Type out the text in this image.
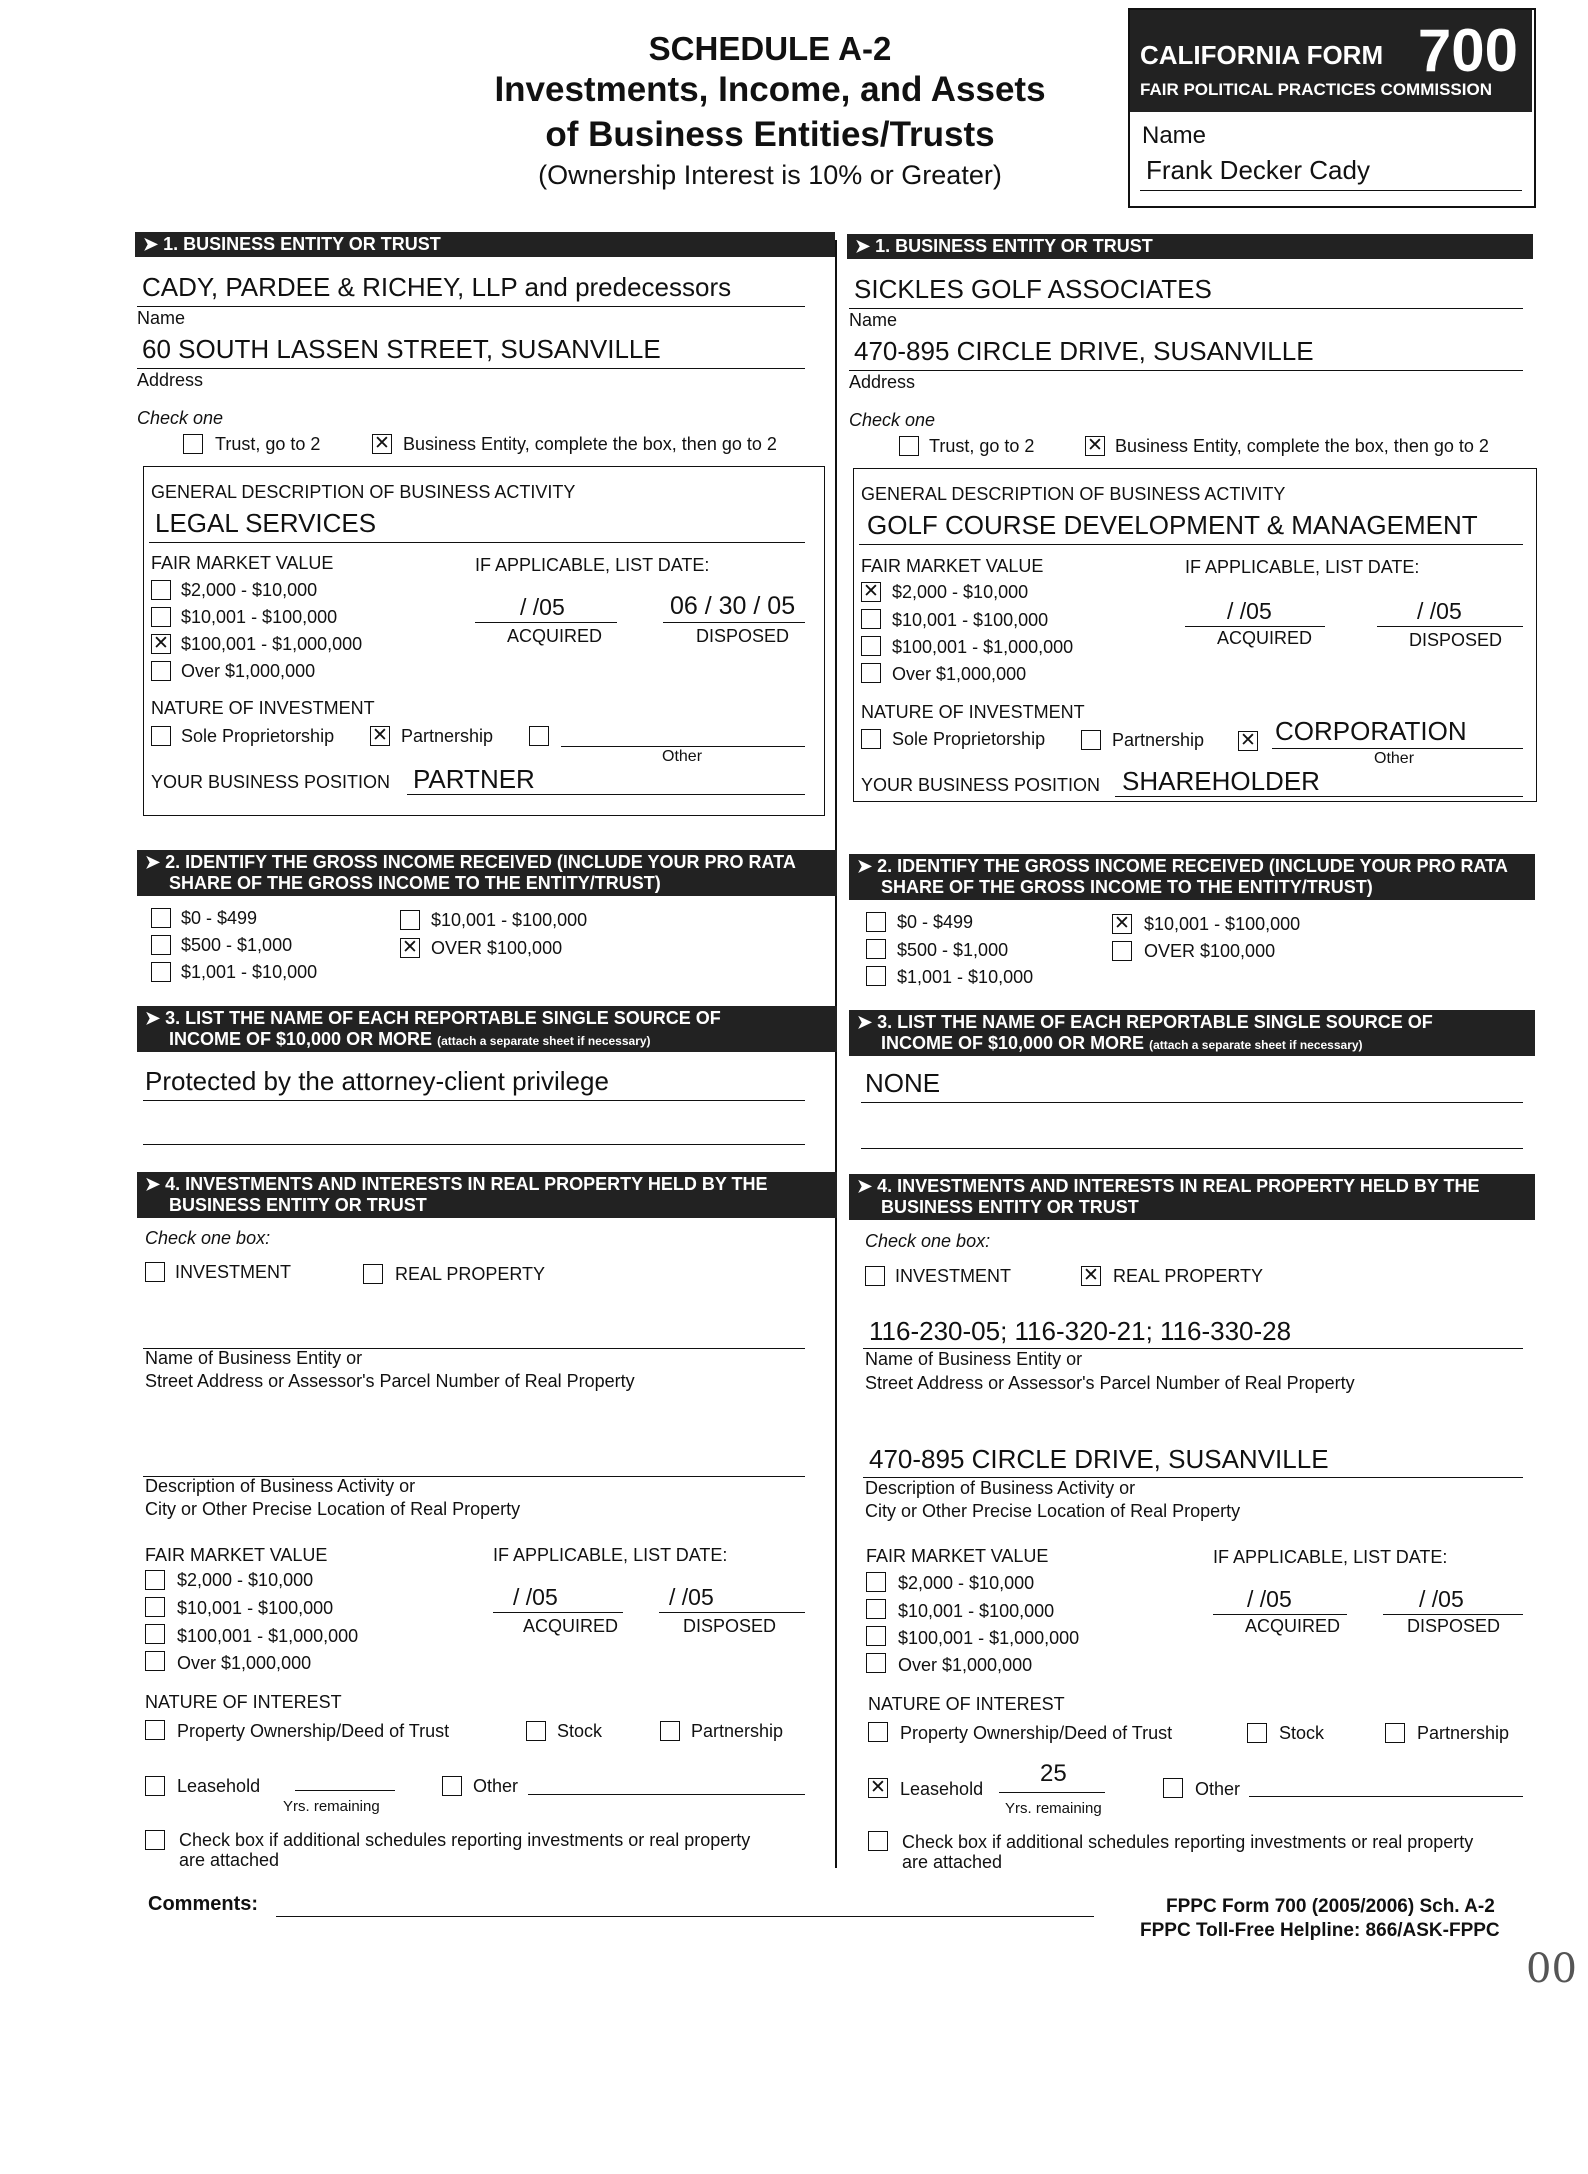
SCHEDULE A-2
Investments, Income, and Assets
of Business Entities/Trusts
(Ownership Interest is 10% or Greater)
CALIFORNIA FORM 700
FAIR POLITICAL PRACTICES COMMISSION
Name
Frank Decker Cady
➤ 1. BUSINESS ENTITY OR TRUST
CADY, PARDEE & RICHEY, LLP and predecessors
Name
60 SOUTH LASSEN STREET, SUSANVILLE
Address
Check one
Trust, go to 2	✕ Business Entity, complete the box, then go to 2
GENERAL DESCRIPTION OF BUSINESS ACTIVITY
LEGAL SERVICES
FAIR MARKET VALUE	IF APPLICABLE, LIST DATE:
$2,000 - $10,000
$10,001 - $100,000
✕ $100,001 - $1,000,000
Over $1,000,000
/ /05
ACQUIRED
06 / 30 / 05
DISPOSED
NATURE OF INVESTMENT
Sole Proprietorship ✕ Partnership
Other
YOUR BUSINESS POSITION PARTNER
➤ 2. IDENTIFY THE GROSS INCOME RECEIVED (INCLUDE YOUR PRO RATA
SHARE OF THE GROSS INCOME TO THE ENTITY/TRUST)
$0 - $499
$500 - $1,000
$1,001 - $10,000
$10,001 - $100,000
✕ OVER $100,000
➤ 3. LIST THE NAME OF EACH REPORTABLE SINGLE SOURCE OF
INCOME OF $10,000 OR MORE (attach a separate sheet if necessary)
Protected by the attorney-client privilege
➤ 4. INVESTMENTS AND INTERESTS IN REAL PROPERTY HELD BY THE
BUSINESS ENTITY OR TRUST
Check one box:
INVESTMENT	REAL PROPERTY
Name of Business Entity or
Street Address or Assessor's Parcel Number of Real Property
Description of Business Activity or
City or Other Precise Location of Real Property
FAIR MARKET VALUE	IF APPLICABLE, LIST DATE:
$2,000 - $10,000
$10,001 - $100,000
$100,001 - $1,000,000
Over $1,000,000
/ /05
ACQUIRED
/ /05
DISPOSED
NATURE OF INTEREST
Property Ownership/Deed of Trust	Stock	Partnership
Leasehold
Yrs. remaining
Other
Check box if additional schedules reporting investments or real property
are attached
➤ 1. BUSINESS ENTITY OR TRUST
SICKLES GOLF ASSOCIATES
Name
470-895 CIRCLE DRIVE, SUSANVILLE
Address
Check one
Trust, go to 2	✕ Business Entity, complete the box, then go to 2
GENERAL DESCRIPTION OF BUSINESS ACTIVITY
GOLF COURSE DEVELOPMENT & MANAGEMENT
FAIR MARKET VALUE	IF APPLICABLE, LIST DATE:
✕ $2,000 - $10,000
$10,001 - $100,000
$100,001 - $1,000,000
Over $1,000,000
/ /05
ACQUIRED
/ /05
DISPOSED
NATURE OF INVESTMENT
Sole Proprietorship	Partnership ✕ CORPORATION
Other
YOUR BUSINESS POSITION SHAREHOLDER
➤ 2. IDENTIFY THE GROSS INCOME RECEIVED (INCLUDE YOUR PRO RATA
SHARE OF THE GROSS INCOME TO THE ENTITY/TRUST)
$0 - $499
$500 - $1,000
$1,001 - $10,000
✕ $10,001 - $100,000
OVER $100,000
➤ 3. LIST THE NAME OF EACH REPORTABLE SINGLE SOURCE OF
INCOME OF $10,000 OR MORE (attach a separate sheet if necessary)
NONE
➤ 4. INVESTMENTS AND INTERESTS IN REAL PROPERTY HELD BY THE
BUSINESS ENTITY OR TRUST
Check one box:
INVESTMENT	✕ REAL PROPERTY
116-230-05; 116-320-21; 116-330-28
Name of Business Entity or
Street Address or Assessor's Parcel Number of Real Property
470-895 CIRCLE DRIVE, SUSANVILLE
Description of Business Activity or
City or Other Precise Location of Real Property
FAIR MARKET VALUE	IF APPLICABLE, LIST DATE:
$2,000 - $10,000
$10,001 - $100,000
$100,001 - $1,000,000
Over $1,000,000
/ /05
ACQUIRED
/ /05
DISPOSED
NATURE OF INTEREST
Property Ownership/Deed of Trust	Stock	Partnership
✕ Leasehold
25
Yrs. remaining
Other
Check box if additional schedules reporting investments or real property
are attached
Comments:	FPPC Form 700 (2005/2006) Sch. A-2
FPPC Toll-Free Helpline: 866/ASK-FPPC
00
